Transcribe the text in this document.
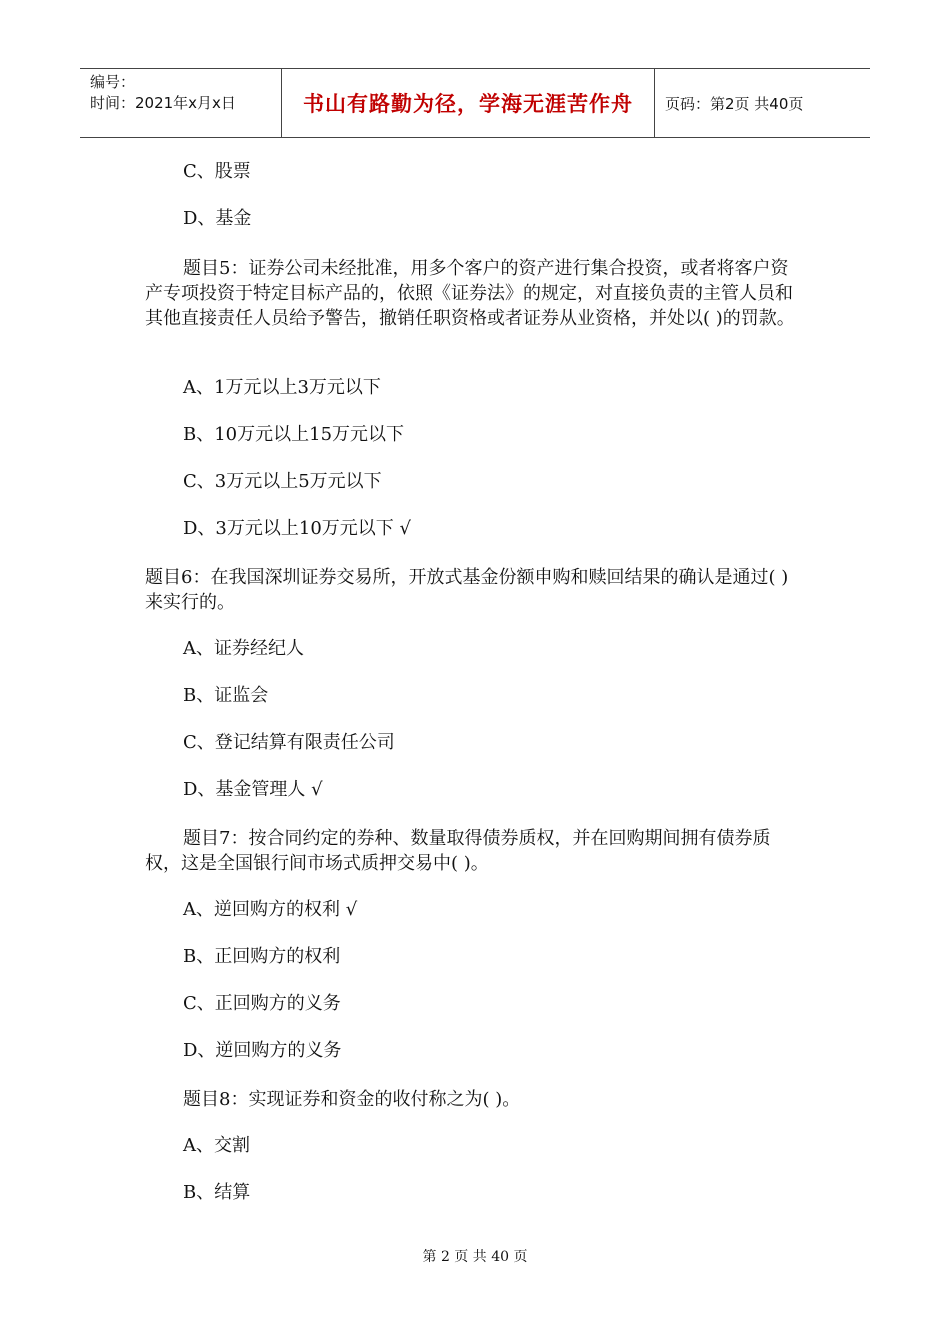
编号：
时间：2021年x月x日	书山有路勤为径，学海无涯苦作舟 页码：第2页 共40页
C、股票
D、基金
题目5：证券公司未经批准，用多个客户的资产进行集合投资，或者将客户资产专项投资于特定目标产品的，依照《证券法》的规定，对直接负责的主管人员和其他直接责任人员给予警告，撤销任职资格或者证券从业资格，并处以( )的罚款。
A、1万元以上3万元以下
B、10万元以上15万元以下
C、3万元以上5万元以下
D、3万元以上10万元以下 √
题目6：在我国深圳证券交易所，开放式基金份额申购和赎回结果的确认是通过( )来实行的。
A、证券经纪人
B、证监会
C、登记结算有限责任公司
D、基金管理人 √
题目7：按合同约定的券种、数量取得债券质权，并在回购期间拥有债券质权，这是全国银行间市场式质押交易中( )。
A、逆回购方的权利 √
B、正回购方的权利
C、正回购方的义务
D、逆回购方的义务
题目8：实现证券和资金的收付称之为( )。
A、交割
B、结算
第 2 页 共 40 页
